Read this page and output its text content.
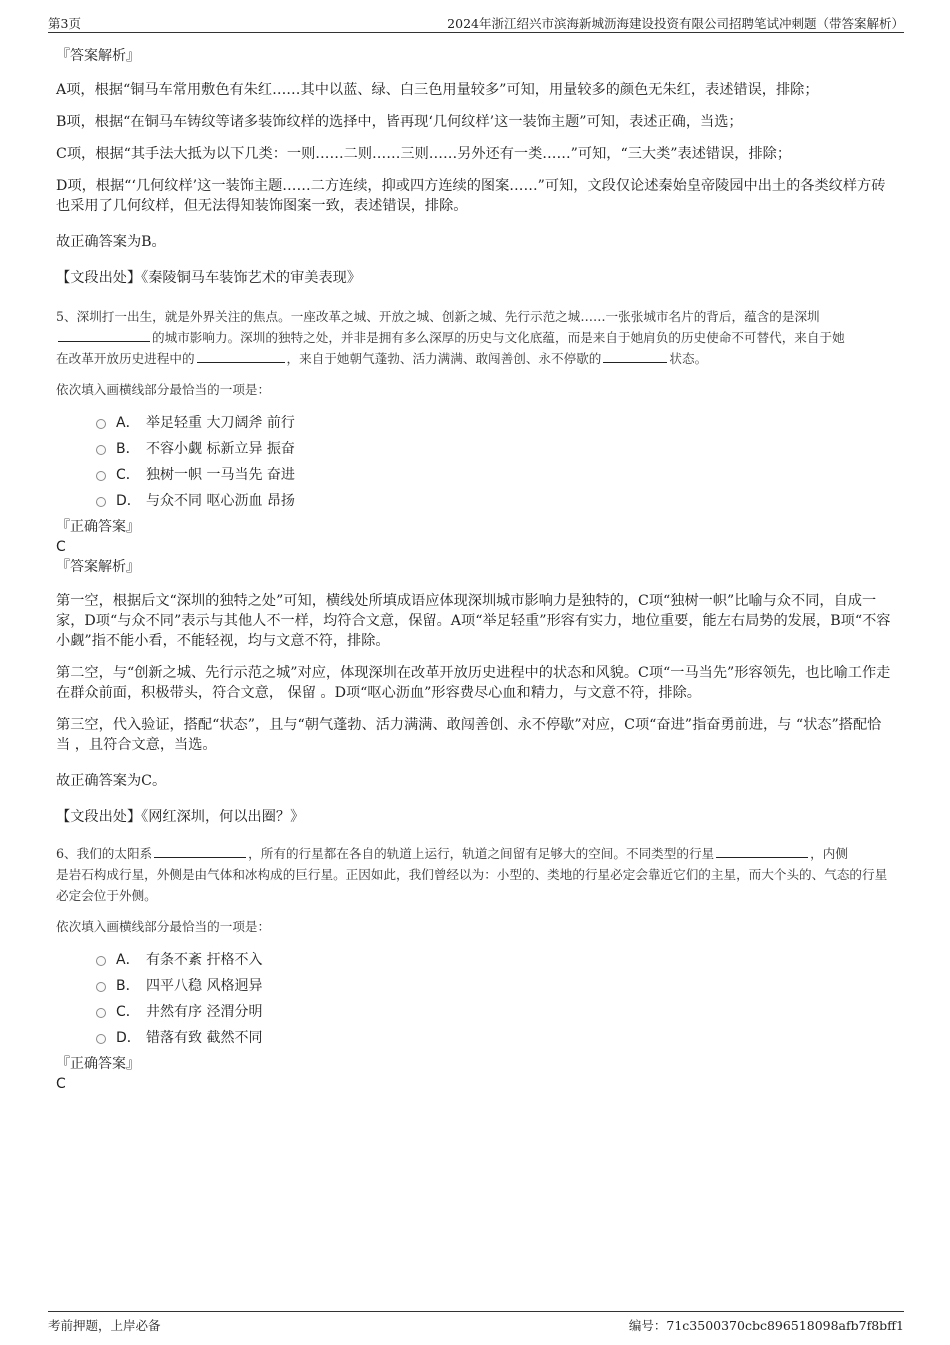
第3页	2024年浙江绍兴市滨海新城沥海建设投资有限公司招聘笔试冲刺题（带答案解析）

『答案解析』

A项，根据“铜马车常用敷色有朱红……其中以蓝、绿、白三色用量较多”可知，用量较多的颜色无朱红，表述错误，排除；

B项，根据“在铜马车铸纹等诸多装饰纹样的选择中，皆再现‘几何纹样’这一装饰主题”可知，表述正确，当选；

C项，根据“其手法大抵为以下几类：一则……二则……三则……另外还有一类……”可知，“三大类”表述错误，排除；

D项，根据“‘几何纹样’这一装饰主题……二方连续，抑或四方连续的图案……”可知，文段仅论述秦始皇帝陵园中出土的各类纹样方砖也采用了几何纹样，但无法得知装饰图案一致，表述错误，排除。

故正确答案为B。

【文段出处】《秦陵铜马车装饰艺术的审美表现》

5、深圳打一出生，就是外界关注的焦点。一座改革之城、开放之城、创新之城、先行示范之城……一张张城市名片的背后，蕴含的是深圳
的城市影响力。深圳的独特之处，并非是拥有多么深厚的历史与文化底蕴，而是来自于她肩负的历史使命不可替代，来自于她
在改革开放历史进程中的	，来自于她朝气蓬勃、活力满满、敢闯善创、永不停歇的	状态。

依次填入画横线部分最恰当的一项是：

A． 举足轻重 大刀阔斧 前行
B． 不容小觑 标新立异 振奋
C． 独树一帜 一马当先 奋进
D． 与众不同 呕心沥血 昂扬

『正确答案』

C

『答案解析』

第一空，根据后文“深圳的独特之处”可知，横线处所填成语应体现深圳城市影响力是独特的，C项“独树一帜”比喻与众不同，自成一家，D项“与众不同”表示与其他人不一样，均符合文意，保留。A项“举足轻重”形容有实力，地位重要，能左右局势的发展，B项“不容小觑”指不能小看，不能轻视，均与文意不符，排除。

第二空，与“创新之城、先行示范之城”对应，体现深圳在改革开放历史进程中的状态和风貌。C项“一马当先”形容领先，也比喻工作走在群众前面，积极带头，符合文意， 保留 。D项“呕心沥血”形容费尽心血和精力，与文意不符，排除。

第三空，代入验证，搭配“状态”，且与“朝气蓬勃、活力满满、敢闯善创、永不停歇”对应，C项“奋进”指奋勇前进，与 “状态”搭配恰当 ，且符合文意，当选。

故正确答案为C。

【文段出处】《网红深圳，何以出圈？》

6、我们的太阳系	，所有的行星都在各自的轨道上运行，轨道之间留有足够大的空间。不同类型的行星	，内侧
是岩石构成行星，外侧是由气体和冰构成的巨行星。正因如此，我们曾经以为：小型的、类地的行星必定会靠近它们的主星，而大个头的、气态的行星必定会位于外侧。

依次填入画横线部分最恰当的一项是：

A． 有条不紊 扞格不入
B． 四平八稳 风格迥异
C． 井然有序 泾渭分明
D． 错落有致 截然不同

『正确答案』

C

考前押题，上岸必备	编号：71c3500370cbc896518098afb7f8bff1
